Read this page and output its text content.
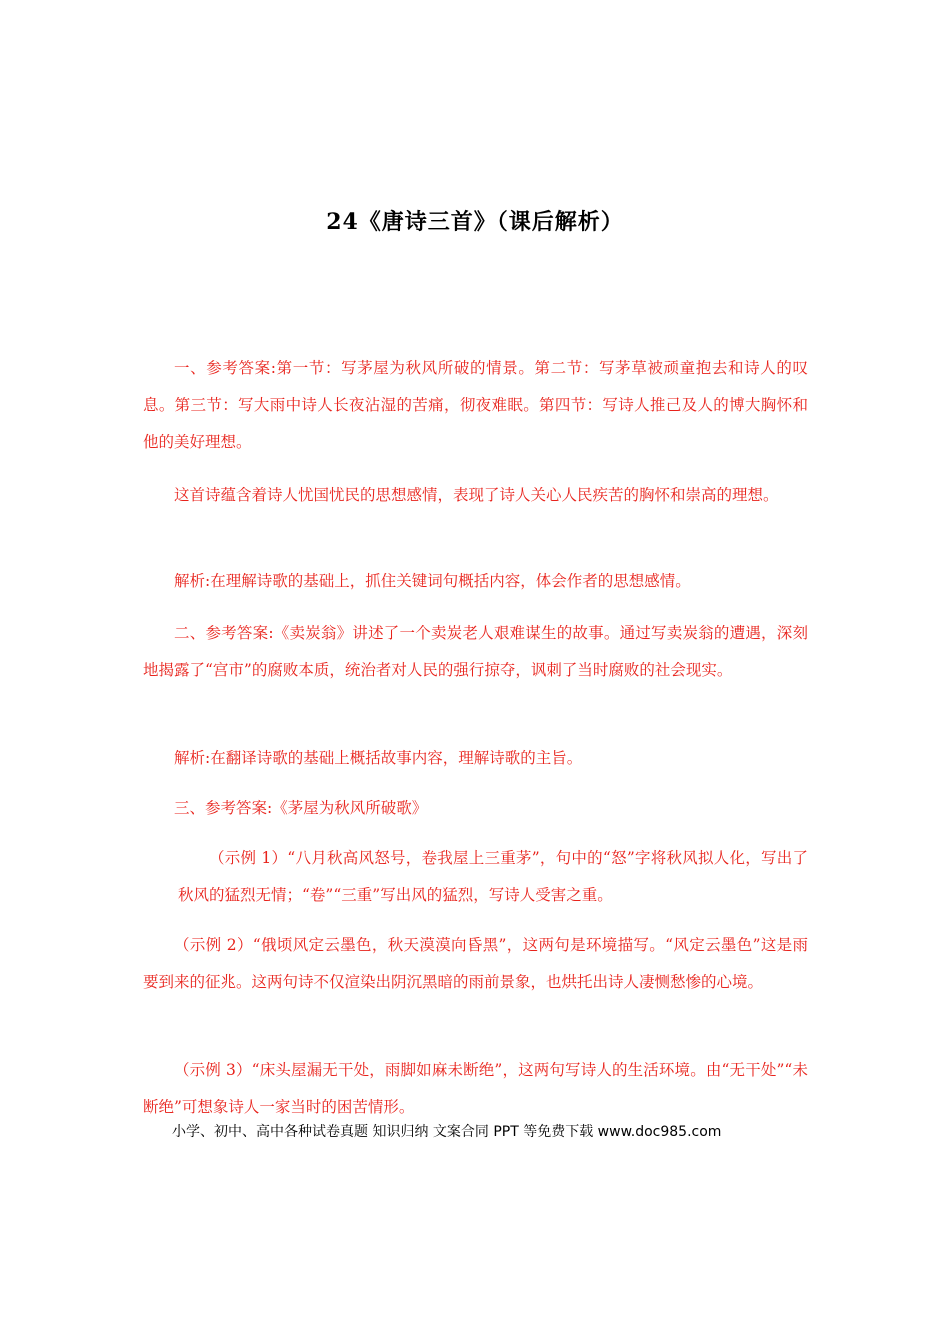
24《唐诗三首》（课后解析）

一、参考答案:第一节：写茅屋为秋风所破的情景。第二节：写茅草被顽童抱去和诗人的叹息。第三节：写大雨中诗人长夜沾湿的苦痛，彻夜难眠。第四节：写诗人推己及人的博大胸怀和他的美好理想。

这首诗蕴含着诗人忧国忧民的思想感情，表现了诗人关心人民疾苦的胸怀和崇高的理想。

解析:在理解诗歌的基础上，抓住关键词句概括内容，体会作者的思想感情。

二、参考答案:《卖炭翁》讲述了一个卖炭老人艰难谋生的故事。通过写卖炭翁的遭遇，深刻地揭露了“宫市”的腐败本质，统治者对人民的强行掠夺，讽刺了当时腐败的社会现实。

解析:在翻译诗歌的基础上概括故事内容，理解诗歌的主旨。

三、参考答案:《茅屋为秋风所破歌》

（示例 1）“八月秋高风怒号，卷我屋上三重茅”，句中的“怒”字将秋风拟人化，写出了秋风的猛烈无情；“卷”“三重”写出风的猛烈，写诗人受害之重。

（示例 2）“俄顷风定云墨色，秋天漠漠向昏黑”，这两句是环境描写。“风定云墨色”这是雨要到来的征兆。这两句诗不仅渲染出阴沉黑暗的雨前景象，也烘托出诗人凄恻愁惨的心境。

（示例 3）“床头屋漏无干处，雨脚如麻未断绝”，这两句写诗人的生活环境。由“无干处”“未断绝”可想象诗人一家当时的困苦情形。

小学、初中、高中各种试卷真题 知识归纳 文案合同 PPT 等免费下载 www.doc985.com
